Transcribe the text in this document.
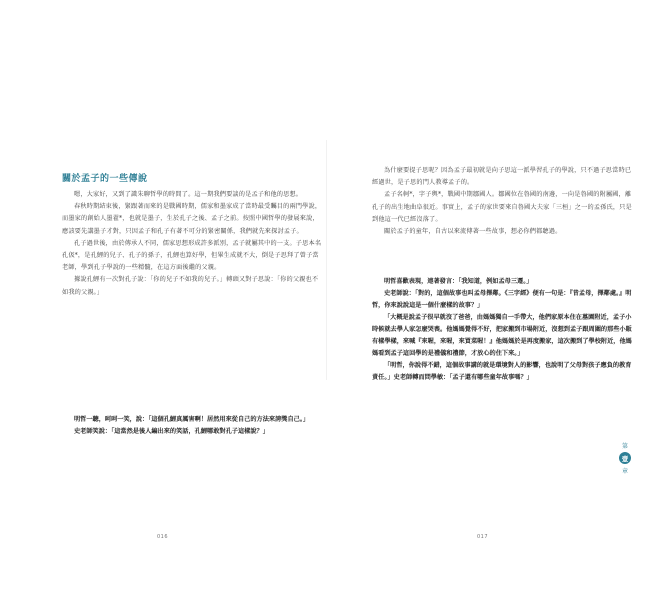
關於孟子的一些傳說

嗯，大家好，又到了識朱聊哲學的時間了。這一期我們要談的是孟子和他的思想。

春秋時期結束後，緊跟著而來的是戰國時期，儒家和墨家成了當時最受矚目的兩門學說，而墨家的創始人墨翟*，也就是墨子，生於孔子之後、孟子之前。按照中國哲學的發展來說，應該要先講墨子才對，只因孟子和孔子有著不可分的緊密關係，我們就先來探討孟子。

孔子過世後，由於傳承人不同，儒家思想形成許多派別，孟子就屬其中的一支。子思本名孔伋*，是孔鯉的兒子、孔子的孫子，孔鯉也算好學，但畢生成就不大，倒是子思拜了曾子當老師，學到孔子學說的一些精髓，在這方面後繼的父親。

據說孔鯉有一次對孔子說：「你的兒子不如我的兒子。」轉頭又對子思說：「你的父親也不如我的父親。」

明哲一聽，呵呵一笑，說：「這個孔鯉真厲害啊！居然用來從自己的方法來誇獎自己。」

史老師笑說：「這當然是後人編出來的笑話，孔鯉哪敢對孔子這樣說？」

016

為什麼要提子思呢？因為孟子最初就是向子思這一派學習孔子的學說，只不過子思當時已經過世，是子思的門人教導孟子的。

孟子名軻*，字子輿*，戰國中期鄒國人。鄒國位在魯國的南邊，一向是魯國的附屬國，離孔子的出生地曲阜很近。事實上，孟子的家世要來自魯國大夫家「三桓」之一的孟孫氏，只是到他這一代已經沒落了。

關於孟子的童年，自古以來流傳著一些故事，想必你們都聽過。

明哲喜歡表現，連著發言：「我知道，例如孟母三遷。」

史老師說：「對的，這個故事也叫孟母擇鄰。《三字經》便有一句是：『昔孟母，擇鄰處。』明哲，你來說說這是一個什麼樣的故事？」

「大概是說孟子很早就沒了爸爸，由媽媽獨自一手帶大，他們家原本住在墓園附近，孟子小時候就去學人家怎麼哭喪。他媽媽覺得不好，把家搬到市場附近，沒想到孟子跟周圍的那些小販有樣學樣，來喊『來喔，來喔，來買菜喔！』他媽媽於是再度搬家，這次搬到了學校附近，他媽媽看到孟子這回學的是禮儀和禮節，才放心的住下來。」

「明哲，你說得不錯，這個故事講的就是環境對人的影響，也說明了父母對孩子應負的教育責任。」史老師轉而問學敏：「孟子還有哪些童年故事嗎？」

017
第
壹
章
